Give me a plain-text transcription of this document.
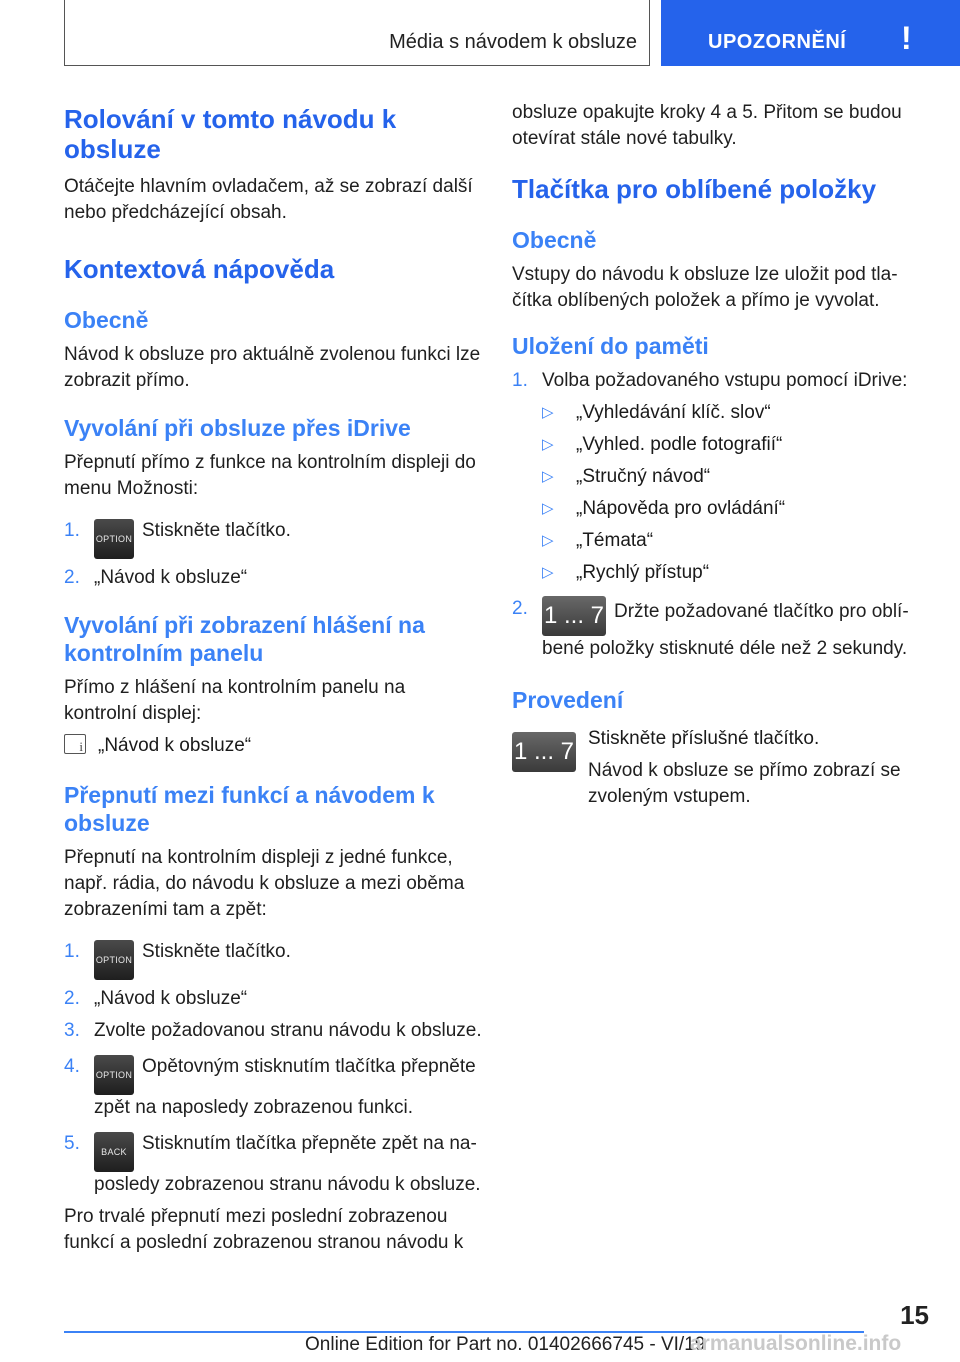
Média s návodem k obsluze	UPOZORNĚNÍ !
Rolování v tomto návodu k obsluze
Otáčejte hlavním ovladačem, až se zobrazí další nebo předcházející obsah.
Kontextová nápověda
Obecně
Návod k obsluze pro aktuálně zvolenou funkci lze zobrazit přímo.
Vyvolání při obsluze přes iDrive
Přepnutí přímo z funkce na kontrolním displeji do menu Možnosti:
1. OPTION Stiskněte tlačítko.
2. „Návod k obsluze“
Vyvolání při zobrazení hlášení na kontrolním panelu
Přímo z hlášení na kontrolním panelu na kontrolní displej:
i„Návod k obsluze“
Přepnutí mezi funkcí a návodem k obsluze
Přepnutí na kontrolním displeji z jedné funkce, např. rádia, do návodu k obsluze a mezi oběma zobrazeními tam a zpět:
1. OPTION Stiskněte tlačítko.
2. „Návod k obsluze“
3. Zvolte požadovanou stranu návodu k obsluze.
4. OPTION Opětovným stisknutím tlačítka přepněte zpět na naposledy zobrazenou funkci.
5. BACK Stisknutím tlačítka přepněte zpět na naposledy zobrazenou stranu návodu k obsluze.
Pro trvalé přepnutí mezi poslední zobrazenou funkcí a poslední zobrazenou stranou návodu k
obsluze opakujte kroky 4 a 5. Přitom se budou otevírat stále nové tabulky.
Tlačítka pro oblíbené položky
Obecně
Vstupy do návodu k obsluze lze uložit pod tlačítka oblíbených položek a přímo je vyvolat.
Uložení do paměti
1. Volba požadovaného vstupu pomocí iDrive:
▷ „Vyhledávání klíč. slov“
▷ „Vyhled. podle fotografií“
▷ „Stručný návod“
▷ „Nápověda pro ovládání“
▷ „Témata“
▷ „Rychlý přístup“
2. 1 ... 7 Držte požadované tlačítko pro oblíbené položky stisknuté déle než 2 sekundy.
Provedení
1 ... 7 Stiskněte příslušné tlačítko.
Návod k obsluze se přímo zobrazí se zvoleným vstupem.
15
Online Edition for Part no. 01402666745 - VI/19
armanualsonline.info
